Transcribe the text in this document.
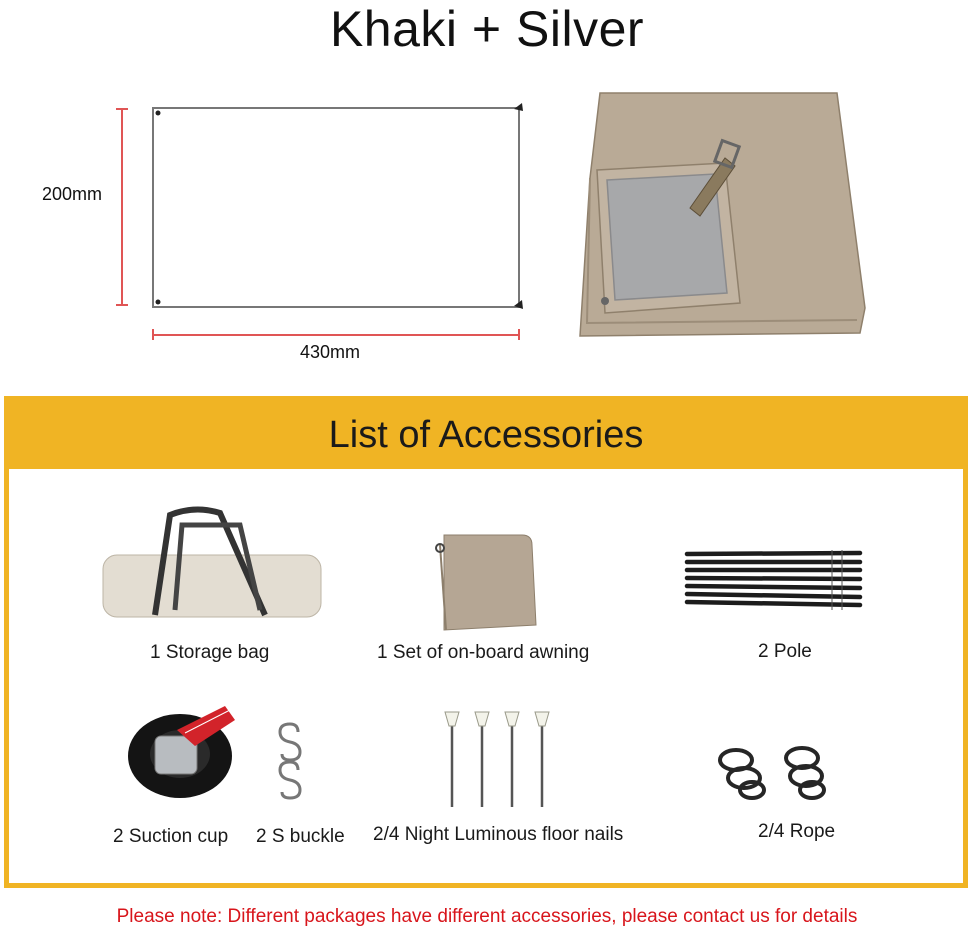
Khaki + Silver
200mm
430mm
List of Accessories
1 Storage bag	1 Set of on-board awning	2 Pole
2 Suction cup 2 S buckle 2/4 Night Luminous floor nails	2/4 Rope
Please note: Different packages have different accessories, please contact us for details
